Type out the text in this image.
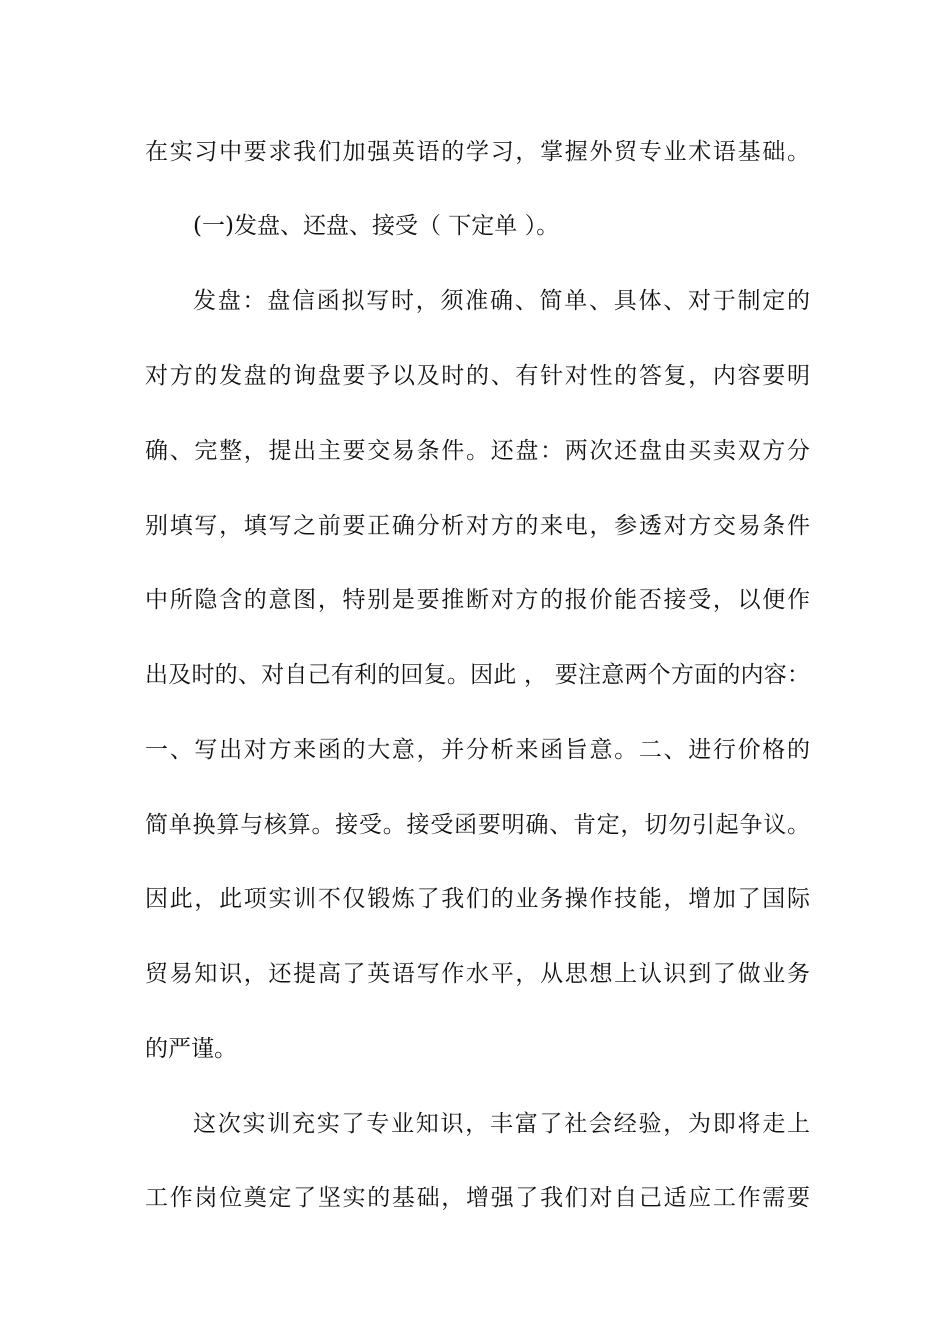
在实习中要求我们加强英语的学习，掌握外贸专业术语基础。
(一)发盘、还盘、接受（ 下定单 ）。
发盘：盘信函拟写时，须准确、简单、具体、对于制定的
对方的发盘的询盘要予以及时的、有针对性的答复，内容要明
确、完整，提出主要交易条件。还盘：两次还盘由买卖双方分
别填写，填写之前要正确分析对方的来电，参透对方交易条件
中所隐含的意图，特别是要推断对方的报价能否接受，以便作
出及时的、对自己有利的回复。因此 ， 要注意两个方面的内容：
一、写出对方来函的大意，并分析来函旨意。二、进行价格的
简单换算与核算。接受。接受函要明确、肯定，切勿引起争议。
因此，此项实训不仅锻炼了我们的业务操作技能，增加了国际
贸易知识，还提高了英语写作水平，从思想上认识到了做业务
的严谨。
这次实训充实了专业知识，丰富了社会经验，为即将走上
工作岗位奠定了坚实的基础，增强了我们对自己适应工作需要
